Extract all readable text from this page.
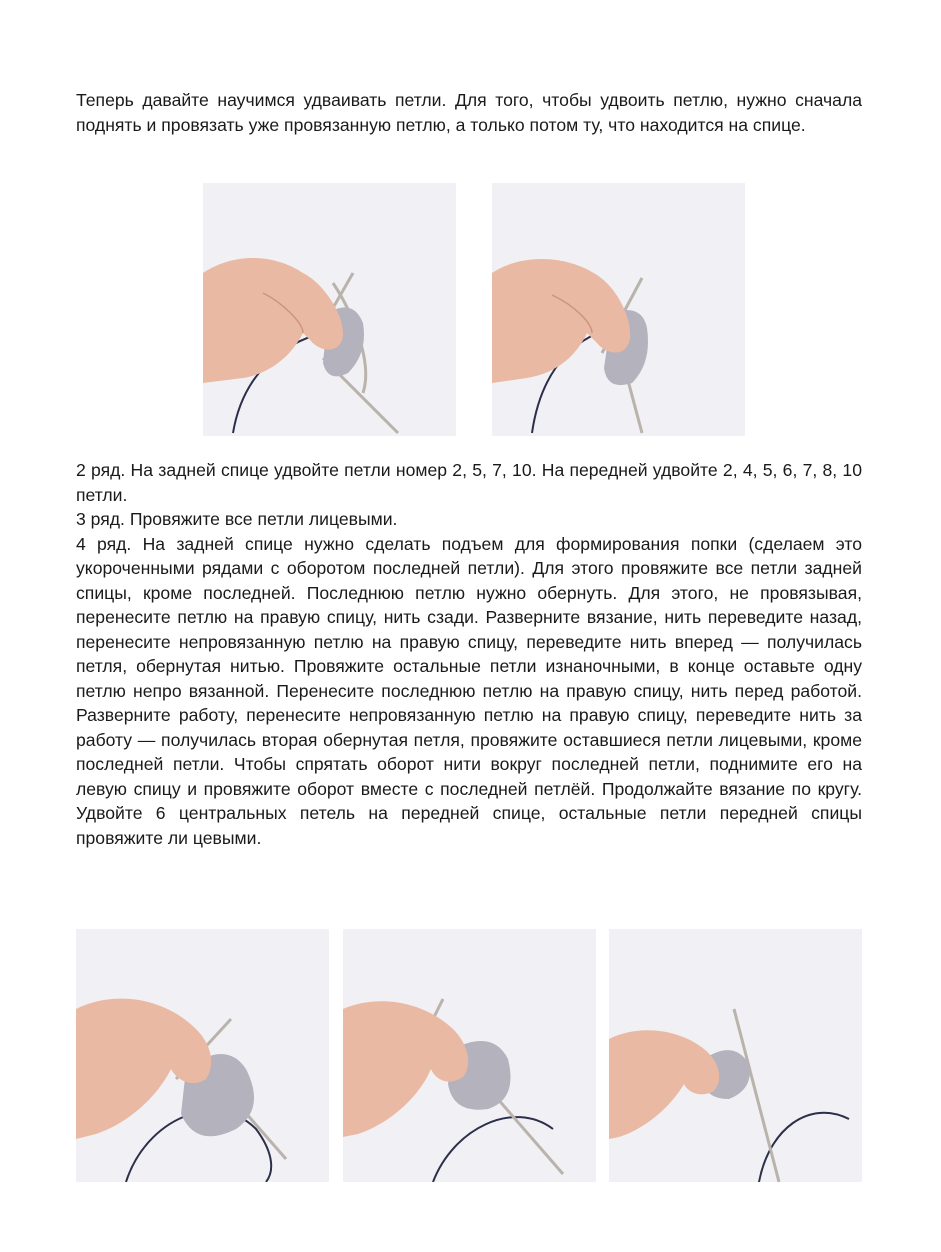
Теперь давайте научимся удваивать петли. Для того, чтобы удвоить петлю, нужно сначала поднять и провязать уже провязанную петлю, а только потом ту, что находится на спице.

2 ряд. На задней спице удвойте петли номер 2, 5, 7, 10. На передней удвойте 2, 4, 5, 6, 7, 8, 10 петли.
3 ряд. Провяжите все петли лицевыми.
4 ряд. На задней спице нужно сделать подъем для формирования попки (сделаем это укороченными рядами с оборотом последней петли). Для этого провяжите все петли задней спицы, кроме последней. Последнюю петлю нужно обернуть. Для этого, не провязывая, перенесите петлю на правую спицу, нить сзади. Разверните вязание, нить переведите назад, перенесите непровязанную петлю на правую спицу, переведите нить вперед — получилась петля, обернутая нитью. Провяжите остальные петли изнаночными, в конце оставьте одну петлю непро вязанной. Перенесите последнюю петлю на правую спицу, нить перед работой. Разверните работу, перенесите непровязанную петлю на правую спицу, переведите нить за работу — получилась вторая обернутая петля, провяжите оставшиеся петли лицевыми, кроме последней петли. Чтобы спрятать оборот нити вокруг последней петли, поднимите его на левую спицу и провяжите оборот вместе с последней петлёй. Продолжайте вязание по кругу. Удвойте 6 центральных петель на передней спице, остальные петли передней спицы провяжите ли цевыми.
